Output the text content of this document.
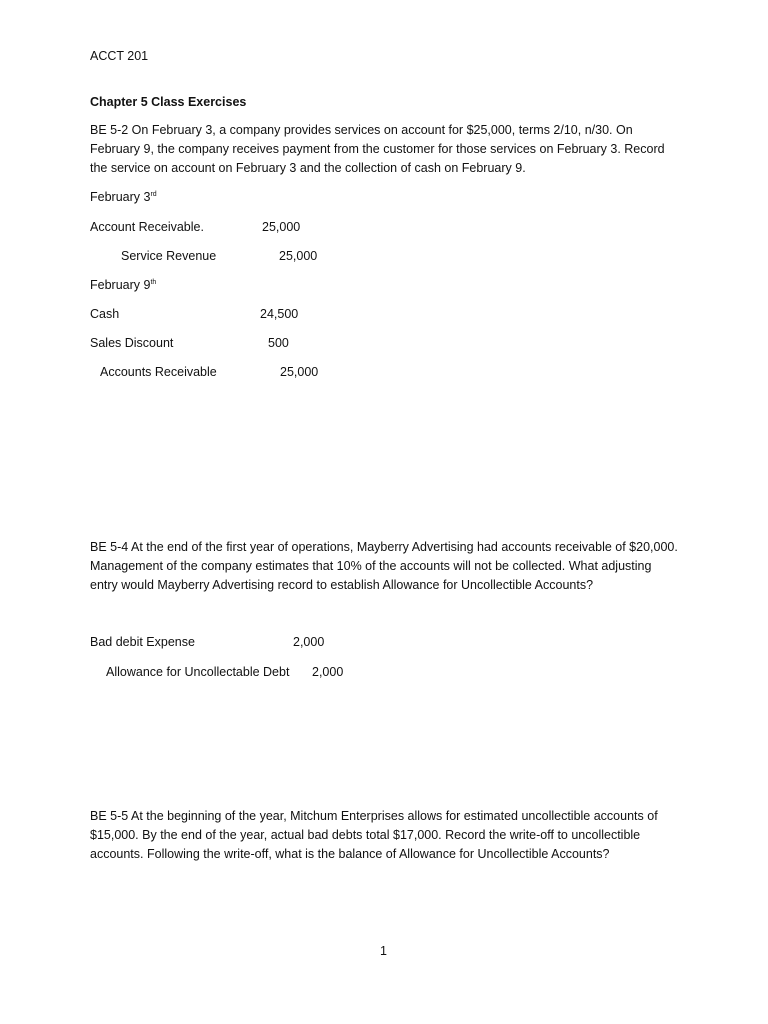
ACCT 201
Chapter 5 Class Exercises
BE 5-2 On February 3, a company provides services on account for $25,000, terms 2/10, n/30. On February 9, the company receives payment from the customer for those services on February 3. Record the service on account on February 3 and the collection of cash on February 9.
February 3rd
Account Receivable.	25,000
Service Revenue	25,000
February 9th
Cash	24,500
Sales Discount	500
Accounts Receivable	25,000
BE 5-4 At the end of the first year of operations, Mayberry Advertising had accounts receivable of $20,000. Management of the company estimates that 10% of the accounts will not be collected. What adjusting entry would Mayberry Advertising record to establish Allowance for Uncollectible Accounts?
Bad debit Expense	2,000
Allowance for Uncollectable Debt 2,000
BE 5-5 At the beginning of the year, Mitchum Enterprises allows for estimated uncollectible accounts of $15,000. By the end of the year, actual bad debts total $17,000. Record the write-off to uncollectible accounts. Following the write-off, what is the balance of Allowance for Uncollectible Accounts?
1
